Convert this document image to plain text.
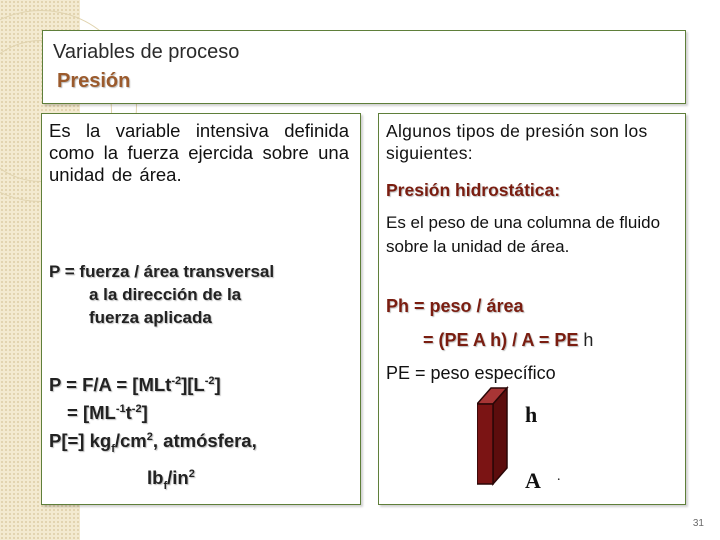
Variables de proceso
Presión

Es la variable intensiva definida como la fuerza ejercida sobre una unidad de área.

P = fuerza / área transversal
a la dirección de la
fuerza aplicada
$P = F/A = [MLt^{-2}][L^{-2}]$
= $[ML^{-1}t^{-2}]$
P[=] $kg_f/cm^2$, atmósfera,
$lb_f/in^2$

Algunos tipos de presión son los siguientes:

Presión hidrostática:

Es el peso de una columna de fluido sobre la unidad de área.

Ph = peso / área
= (PE A h) / A = PE h
PE = peso específico
h
A .
31
